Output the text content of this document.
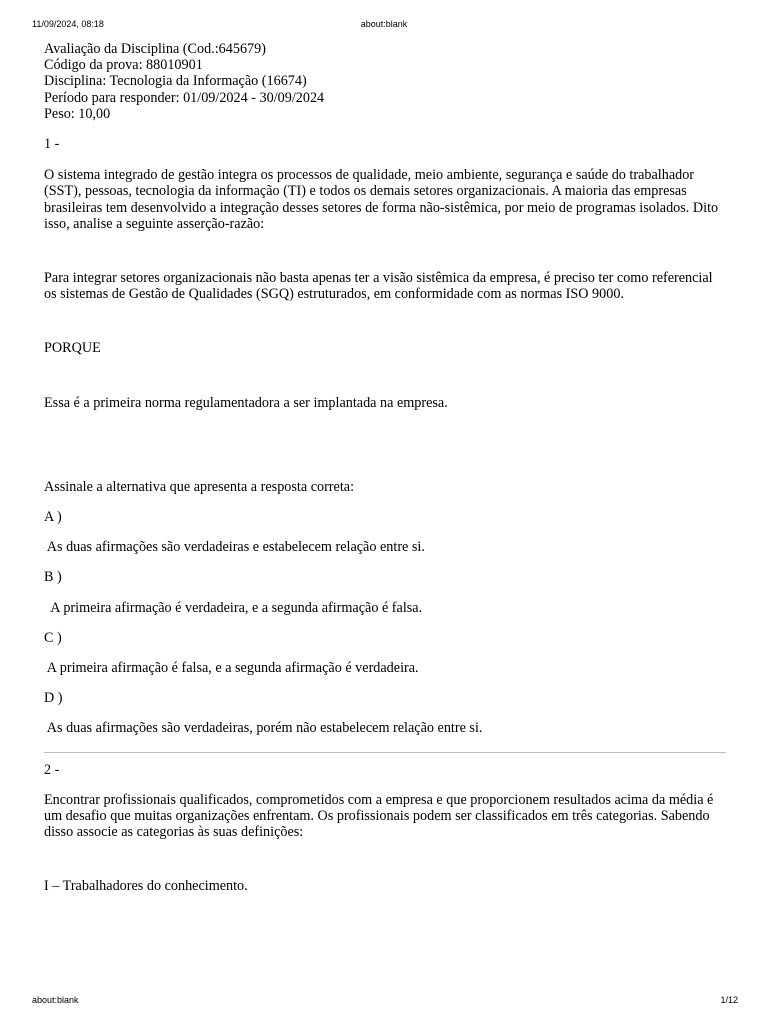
11/09/2024, 08:18	about:blank
Avaliação da Disciplina (Cod.:645679)
Código da prova: 88010901
Disciplina: Tecnologia da Informação (16674)
Período para responder: 01/09/2024 - 30/09/2024
Peso: 10,00
1 -
O sistema integrado de gestão integra os processos de qualidade, meio ambiente, segurança e saúde do trabalhador (SST), pessoas, tecnologia da informação (TI) e todos os demais setores organizacionais. A maioria das empresas brasileiras tem desenvolvido a integração desses setores de forma não-sistêmica, por meio de programas isolados. Dito isso, analise a seguinte asserção-razão:
Para integrar setores organizacionais não basta apenas ter a visão sistêmica da empresa, é preciso ter como referencial os sistemas de Gestão de Qualidades (SGQ) estruturados, em conformidade com as normas ISO 9000.
PORQUE
Essa é a primeira norma regulamentadora a ser implantada na empresa.
Assinale a alternativa que apresenta a resposta correta:
A )
As duas afirmações são verdadeiras e estabelecem relação entre si.
B )
A primeira afirmação é verdadeira, e a segunda afirmação é falsa.
C )
A primeira afirmação é falsa, e a segunda afirmação é verdadeira.
D )
As duas afirmações são verdadeiras, porém não estabelecem relação entre si.
2 -
Encontrar profissionais qualificados, comprometidos com a empresa e que proporcionem resultados acima da média é um desafio que muitas organizações enfrentam. Os profissionais podem ser classificados em três categorias. Sabendo disso associe as categorias às suas definições:
I – Trabalhadores do conhecimento.
about:blank	1/12
